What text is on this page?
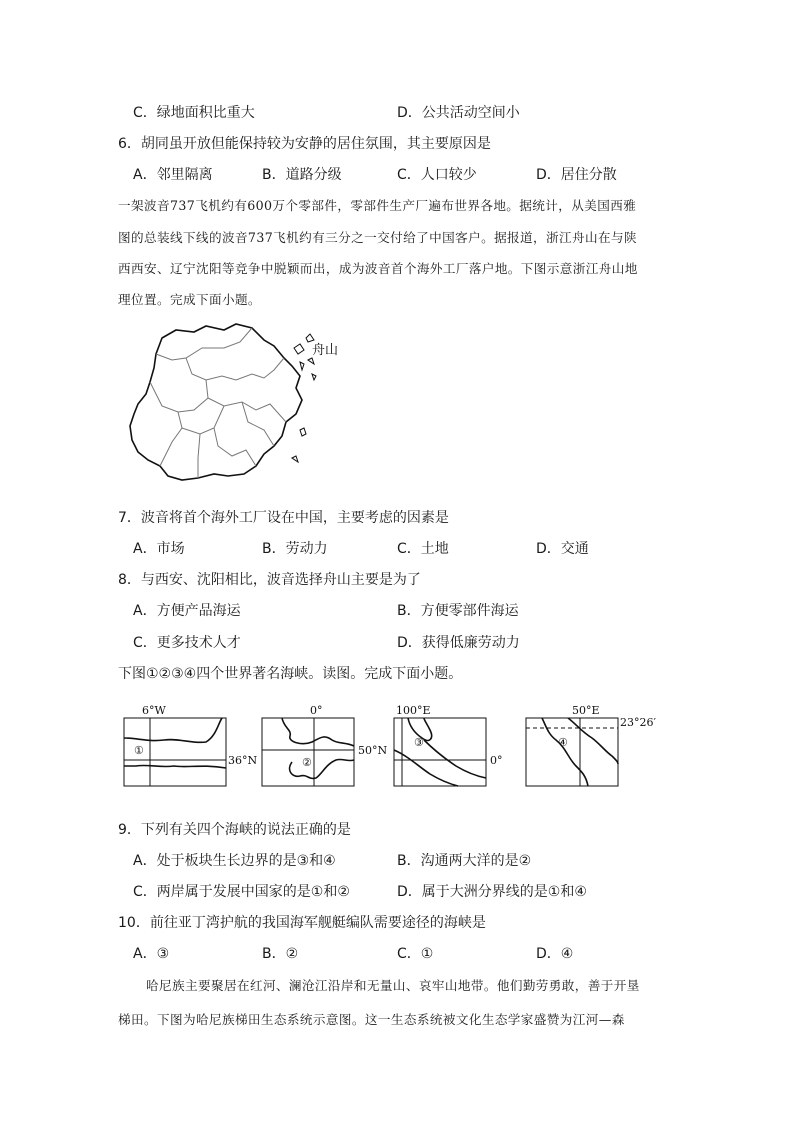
C．绿地面积比重大	D．公共活动空间小
6．胡同虽开放但能保持较为安静的居住氛围，其主要原因是
A．邻里隔离	B．道路分级	C．人口较少	D．居住分散
一架波音737飞机约有600万个零部件，零部件生产厂遍布世界各地。据统计，从美国西雅
图的总装线下线的波音737飞机约有三分之一交付给了中国客户。据报道，浙江舟山在与陕
西西安、辽宁沈阳等竞争中脱颖而出，成为波音首个海外工厂落户地。下图示意浙江舟山地
理位置。完成下面小题。
舟山
7．波音将首个海外工厂设在中国，主要考虑的因素是
A．市场	B．劳动力	C．土地	D．交通
8．与西安、沈阳相比，波音选择舟山主要是为了
A．方便产品海运	B．方便零部件海运
C．更多技术人才	D．获得低廉劳动力
下图①②③④四个世界著名海峡。读图。完成下面小题。
①
6°W
36°N	②
0°
50°N
③
100°E
0°
④
50°E
23°26′
9．下列有关四个海峡的说法正确的是
A．处于板块生长边界的是③和④	B．沟通两大洋的是②
C．两岸属于发展中国家的是①和②	D．属于大洲分界线的是①和④
10．前往亚丁湾护航的我国海军舰艇编队需要途径的海峡是
A．③	B．②	C．①	D．④
哈尼族主要聚居在红河、澜沧江沿岸和无量山、哀牢山地带。他们勤劳勇敢，善于开垦
梯田。下图为哈尼族梯田生态系统示意图。这一生态系统被文化生态学家盛赞为江河—森
